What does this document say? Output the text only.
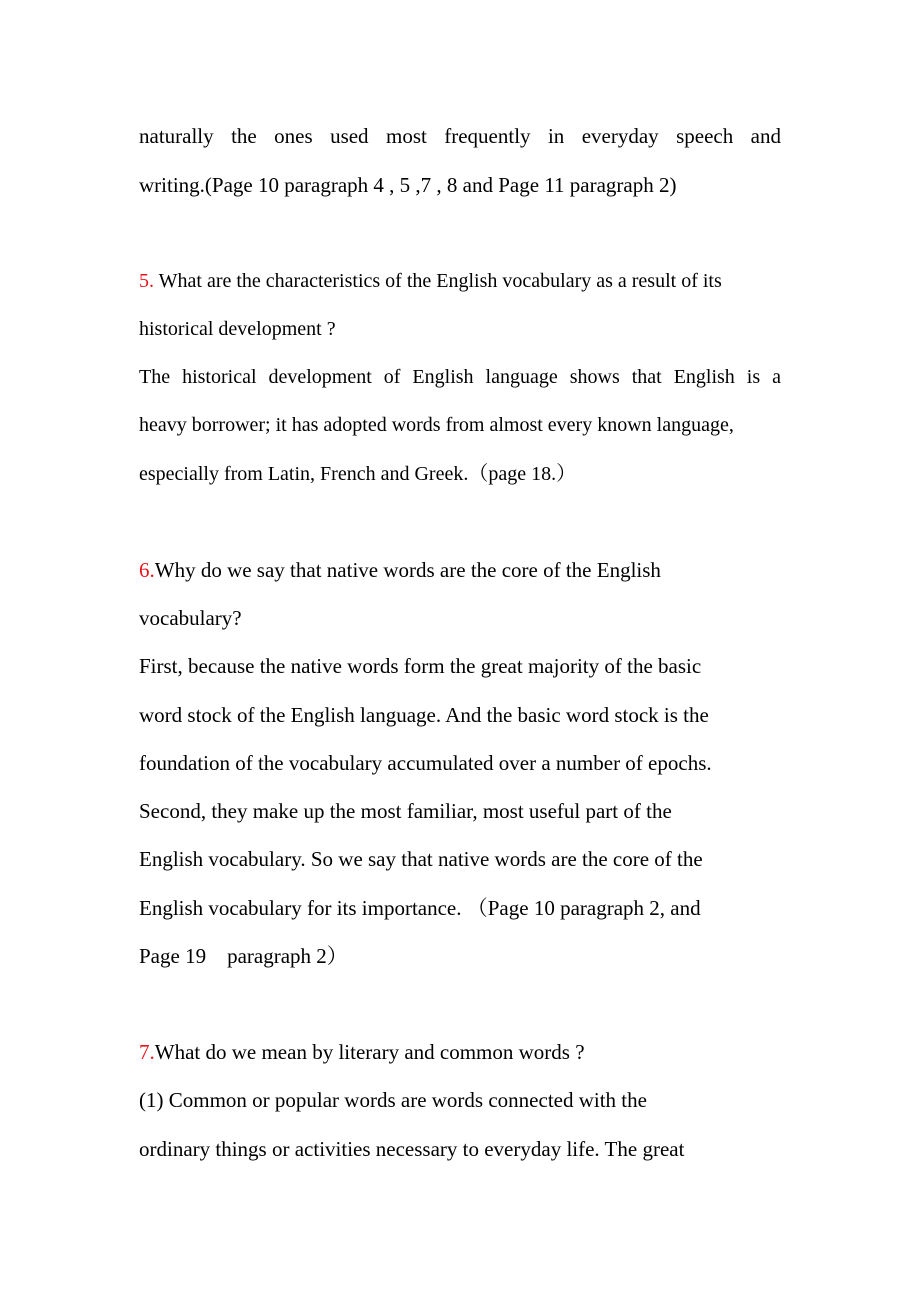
naturally the ones used most frequently in everyday speech and
writing.(Page 10 paragraph 4 , 5 ,7 , 8 and Page 11 paragraph 2)
5. What are the characteristics of the English vocabulary as a result of its
historical development ?
The historical development of English language shows that English is a
heavy borrower; it has adopted words from almost every known language,
especially from Latin, French and Greek.（page 18.）
6.Why do we say that native words are the core of the English
vocabulary?
First, because the native words form the great majority of the basic
word stock of the English language. And the basic word stock is the
foundation of the vocabulary accumulated over a number of epochs.
Second, they make up the most familiar, most useful part of the
English vocabulary. So we say that native words are the core of the
English vocabulary for its importance. （Page 10 paragraph 2, and
Page 19　paragraph 2）
7.What do we mean by literary and common words ?
(1) Common or popular words are words connected with the
ordinary things or activities necessary to everyday life. The great
